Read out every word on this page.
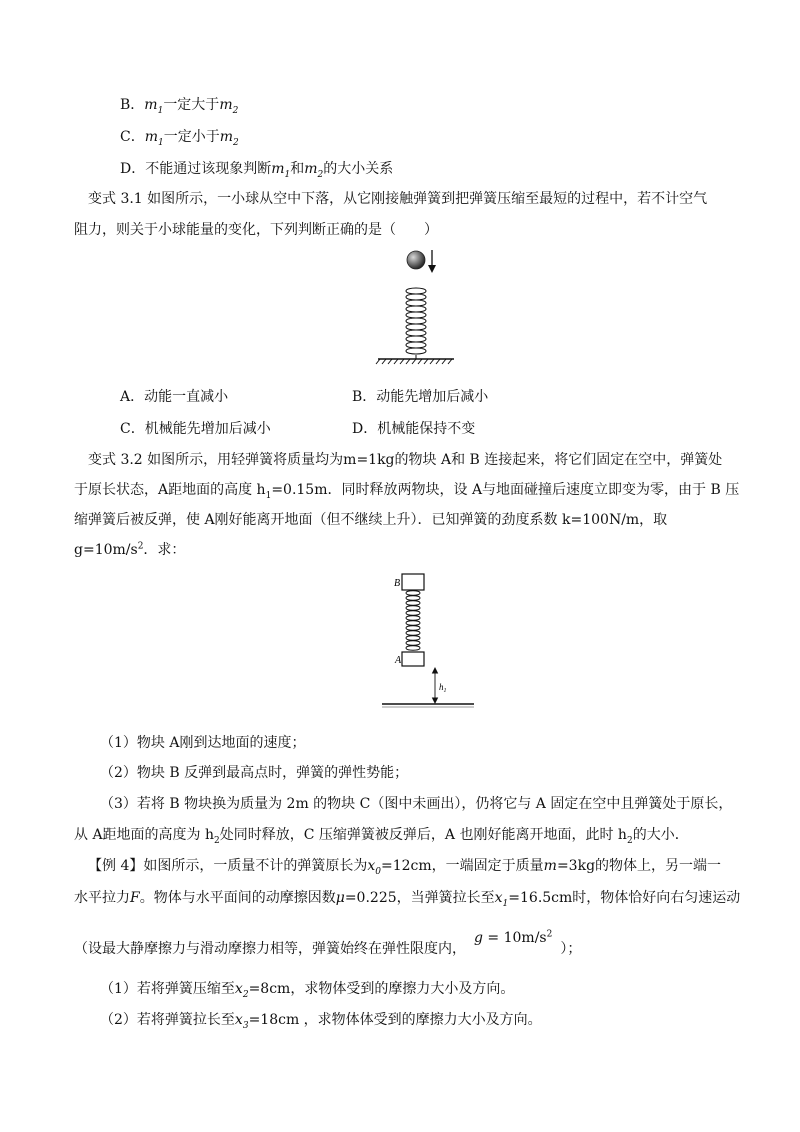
B．$m_1$一定大于$m_2$
C．$m_1$一定小于$m_2$
D．不能通过该现象判断$m_1$和$m_2$的大小关系
变式 3.1 如图所示，一小球从空中下落，从它刚接触弹簧到把弹簧压缩至最短的过程中，若不计空气
阻力，则关于小球能量的变化，下列判断正确的是（　　）
A．动能一直减小	B．动能先增加后减小
C．机械能先增加后减小	D．机械能保持不变
变式 3.2 如图所示，用轻弹簧将质量均为m=1kg的物块 A和 B 连接起来，将它们固定在空中，弹簧处
于原长状态，A距地面的高度 $h_1=0.15m$．同时释放两物块，设 A与地面碰撞后速度立即变为零，由于 B 压
缩弹簧后被反弹，使 A刚好能离开地面（但不继续上升）．已知弹簧的劲度系数 k=100N/m，取
$g=10m/s^2$．求：
B
A
$h_1$
（1）物块 A刚到达地面的速度；
（2）物块 B 反弹到最高点时，弹簧的弹性势能；
（3）若将 B 物块换为质量为 2m 的物块 C（图中未画出），仍将它与 A 固定在空中且弹簧处于原长，
从 A距地面的高度为 $h_2$处同时释放，C 压缩弹簧被反弹后，A 也刚好能离开地面，此时 $h_2$的大小．
【例 4】如图所示，一质量不计的弹簧原长为$x_0=12cm$，一端固定于质量m=3kg的物体上，另一端一
水平拉力F。物体与水平面间的动摩擦因数μ=0.225，当弹簧拉长至$x_1=16.5cm$时，物体恰好向右匀速运动
（设最大静摩擦力与滑动摩擦力相等，弹簧始终在弹性限度内，$g = 10m/s^2$）；
（1）若将弹簧压缩至$x_2=8cm$，求物体受到的摩擦力大小及方向。
（2）若将弹簧拉长至$x_3=18cm$ ，求物体体受到的摩擦力大小及方向。
